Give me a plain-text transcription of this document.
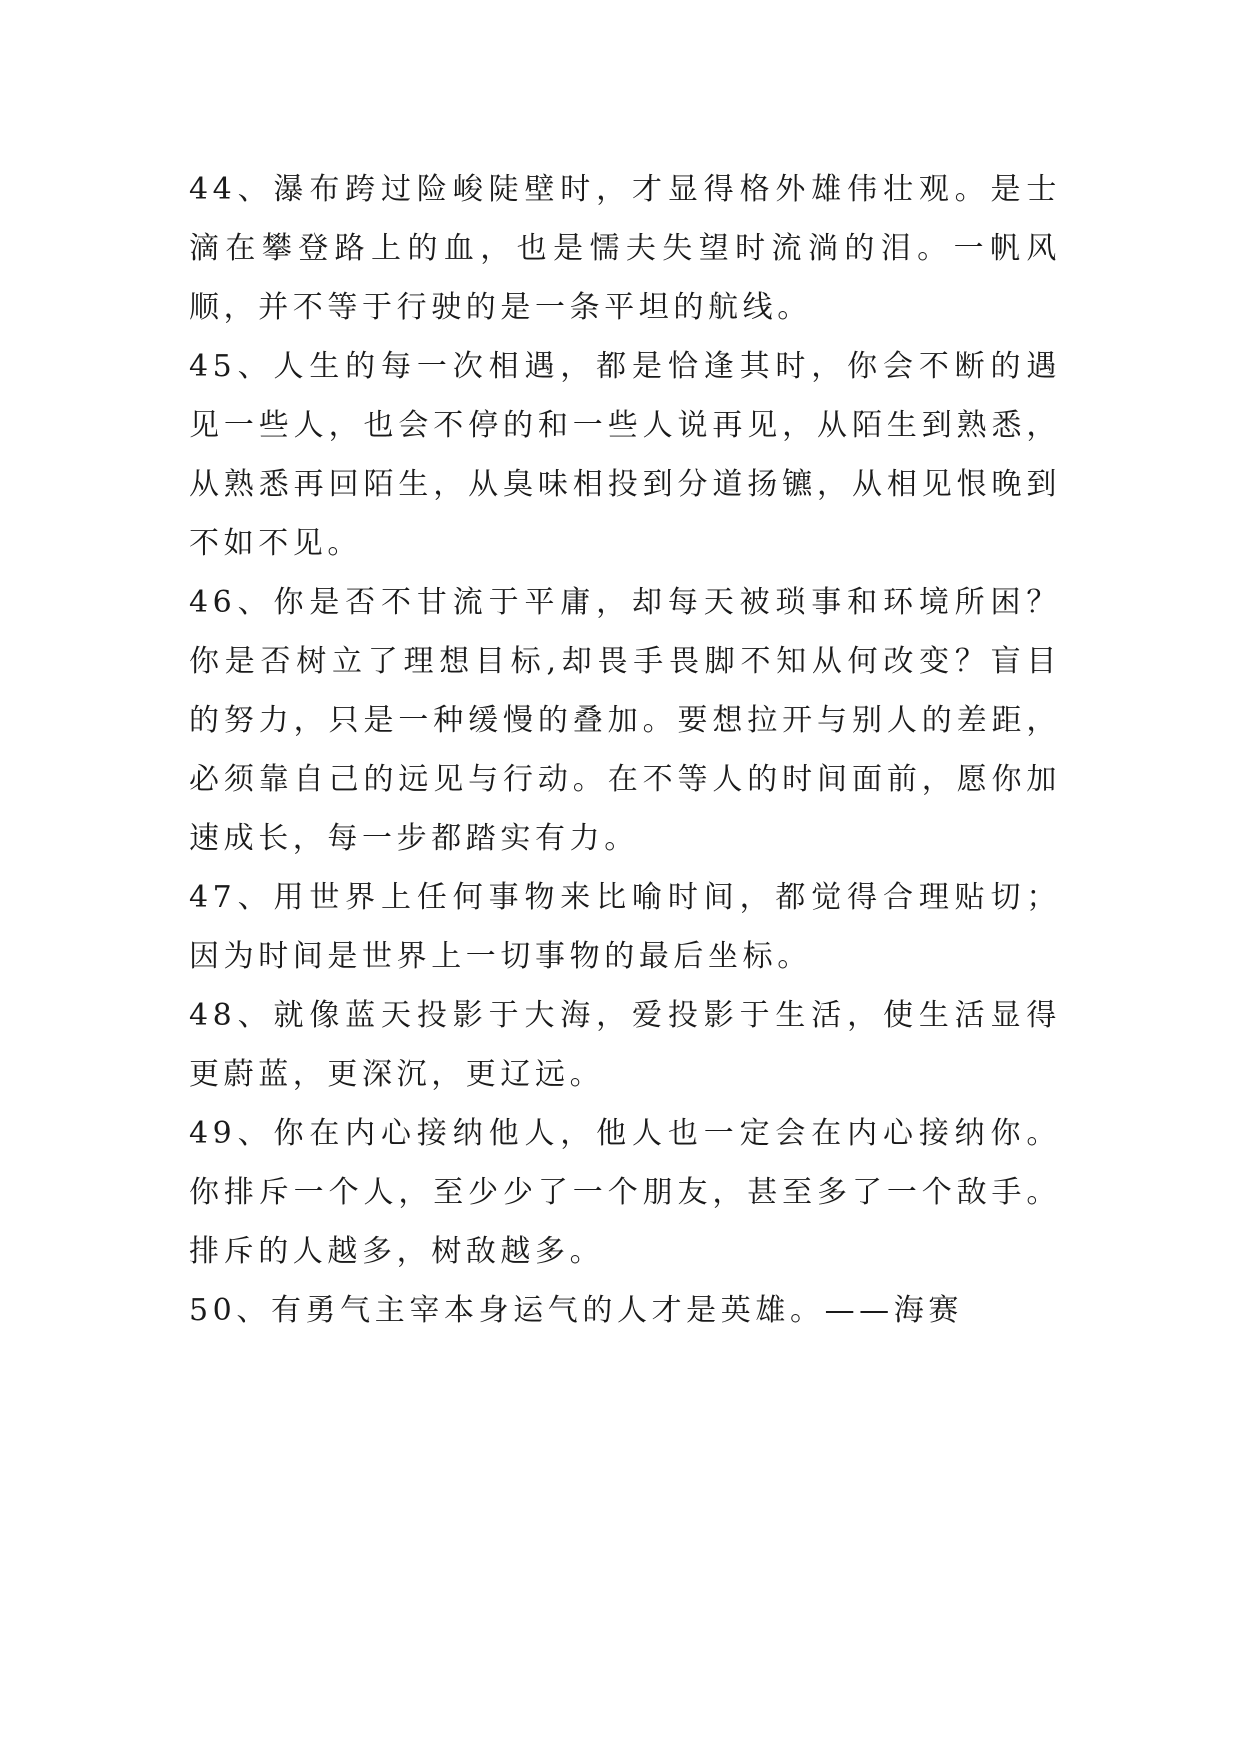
44、瀑布跨过险峻陡壁时，才显得格外雄伟壮观。是士滴在攀登路上的血，也是懦夫失望时流淌的泪。一帆风顺，并不等于行驶的是一条平坦的航线。

45、人生的每一次相遇，都是恰逢其时，你会不断的遇见一些人，也会不停的和一些人说再见，从陌生到熟悉，从熟悉再回陌生，从臭味相投到分道扬镳，从相见恨晚到不如不见。

46、你是否不甘流于平庸，却每天被琐事和环境所困？你是否树立了理想目标,却畏手畏脚不知从何改变？盲目的努力，只是一种缓慢的叠加。要想拉开与别人的差距，必须靠自己的远见与行动。在不等人的时间面前，愿你加速成长，每一步都踏实有力。

47、用世界上任何事物来比喻时间，都觉得合理贴切；因为时间是世界上一切事物的最后坐标。

48、就像蓝天投影于大海，爱投影于生活，使生活显得更蔚蓝，更深沉，更辽远。

49、你在内心接纳他人，他人也一定会在内心接纳你。你排斥一个人，至少少了一个朋友，甚至多了一个敌手。排斥的人越多，树敌越多。

50、有勇气主宰本身运气的人才是英雄。——海赛
